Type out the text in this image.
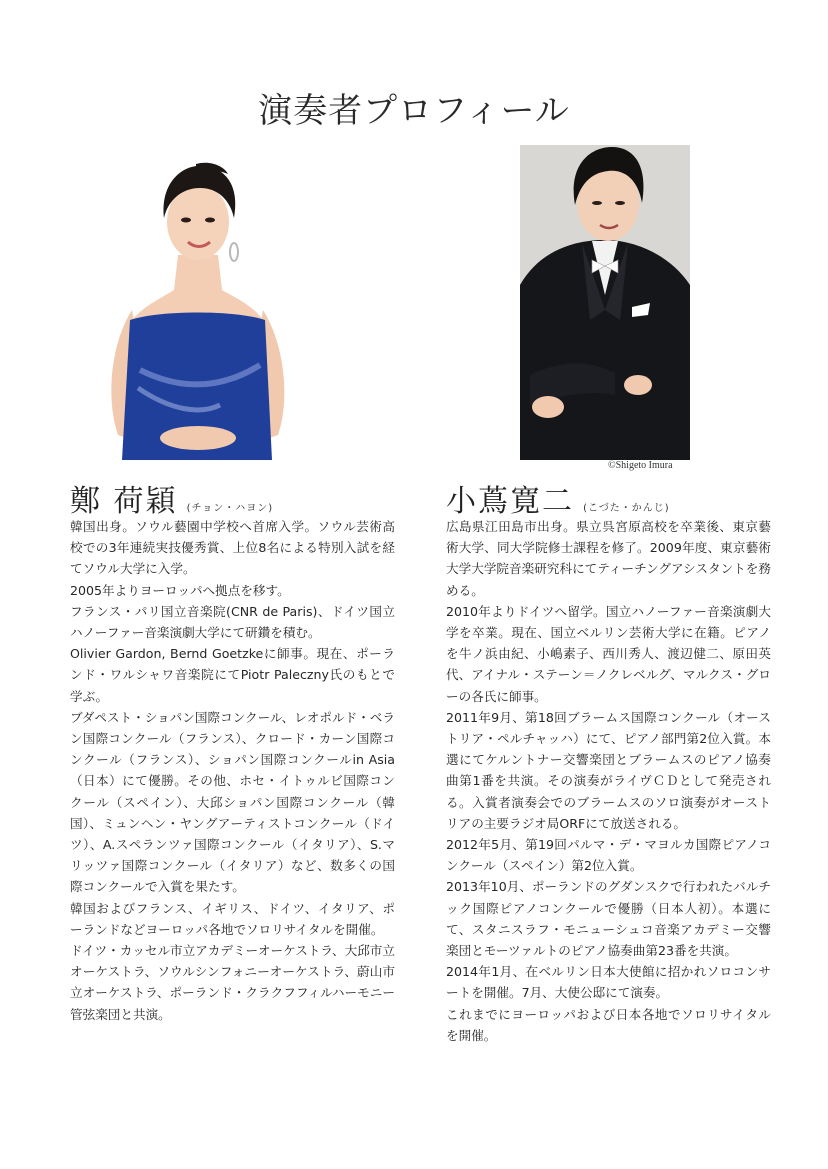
演奏者プロフィール
©Shigeto Imura
鄭 荷穎 (チョン・ハヨン)	小蔦寛二 (こづた・かんじ)

韓国出身。ソウル藝園中学校へ首席入学。ソウル芸術高校での3年連続実技優秀賞、上位8名による特別入試を経てソウル大学に入学。

2005年よりヨーロッパへ拠点を移す。

フランス・パリ国立音楽院(CNR de Paris)、ドイツ国立ハノーファー音楽演劇大学にて研鑽を積む。

Olivier Gardon, Bernd Goetzkeに師事。現在、ポーランド・ワルシャワ音楽院にてPiotr Paleczny氏のもとで学ぶ。

ブダペスト・ショパン国際コンクール、レオポルド・ベラン国際コンクール（フランス）、クロード・カーン国際コンクール（フランス）、ショパン国際コンクールin Asia（日本）にて優勝。その他、ホセ・イトゥルビ国際コンクール（スペイン）、大邱ショパン国際コンクール（韓国）、ミュンヘン・ヤングアーティストコンクール（ドイツ）、A.スペランツァ国際コンクール（イタリア）、S.マリッツァ国際コンクール（イタリア）など、数多くの国際コンクールで入賞を果たす。

韓国およびフランス、イギリス、ドイツ、イタリア、ポーランドなどヨーロッパ各地でソロリサイタルを開催。

ドイツ・カッセル市立アカデミーオーケストラ、大邱市立オーケストラ、ソウルシンフォニーオーケストラ、蔚山市立オーケストラ、ポーランド・クラクフフィルハーモニー管弦楽団と共演。

広島県江田島市出身。県立呉宮原高校を卒業後、東京藝術大学、同大学院修士課程を修了。2009年度、東京藝術大学大学院音楽研究科にてティーチングアシスタントを務める。

2010年よりドイツへ留学。国立ハノーファー音楽演劇大学を卒業。現在、国立ベルリン芸術大学に在籍。ピアノを牛ノ浜由紀、小嶋素子、西川秀人、渡辺健二、原田英代、アイナル・ステーン＝ノクレベルグ、マルクス・グローの各氏に師事。

2011年9月、第18回ブラームス国際コンクール（オーストリア・ペルチャッハ）にて、ピアノ部門第2位入賞。本選にてケルントナー交響楽団とブラームスのピアノ協奏曲第1番を共演。その演奏がライヴＣＤとして発売される。入賞者演奏会でのブラームスのソロ演奏がオーストリアの主要ラジオ局ORFにて放送される。

2012年5月、第19回パルマ・デ・マヨルカ国際ピアノコンクール（スペイン）第2位入賞。

2013年10月、ポーランドのグダンスクで行われたバルチック国際ピアノコンクールで優勝（日本人初）。本選にて、スタニスラフ・モニューシュコ音楽アカデミー交響楽団とモーツァルトのピアノ協奏曲第23番を共演。

2014年1月、在ベルリン日本大使館に招かれソロコンサートを開催。7月、大使公邸にて演奏。

これまでにヨーロッパおよび日本各地でソロリサイタルを開催。
